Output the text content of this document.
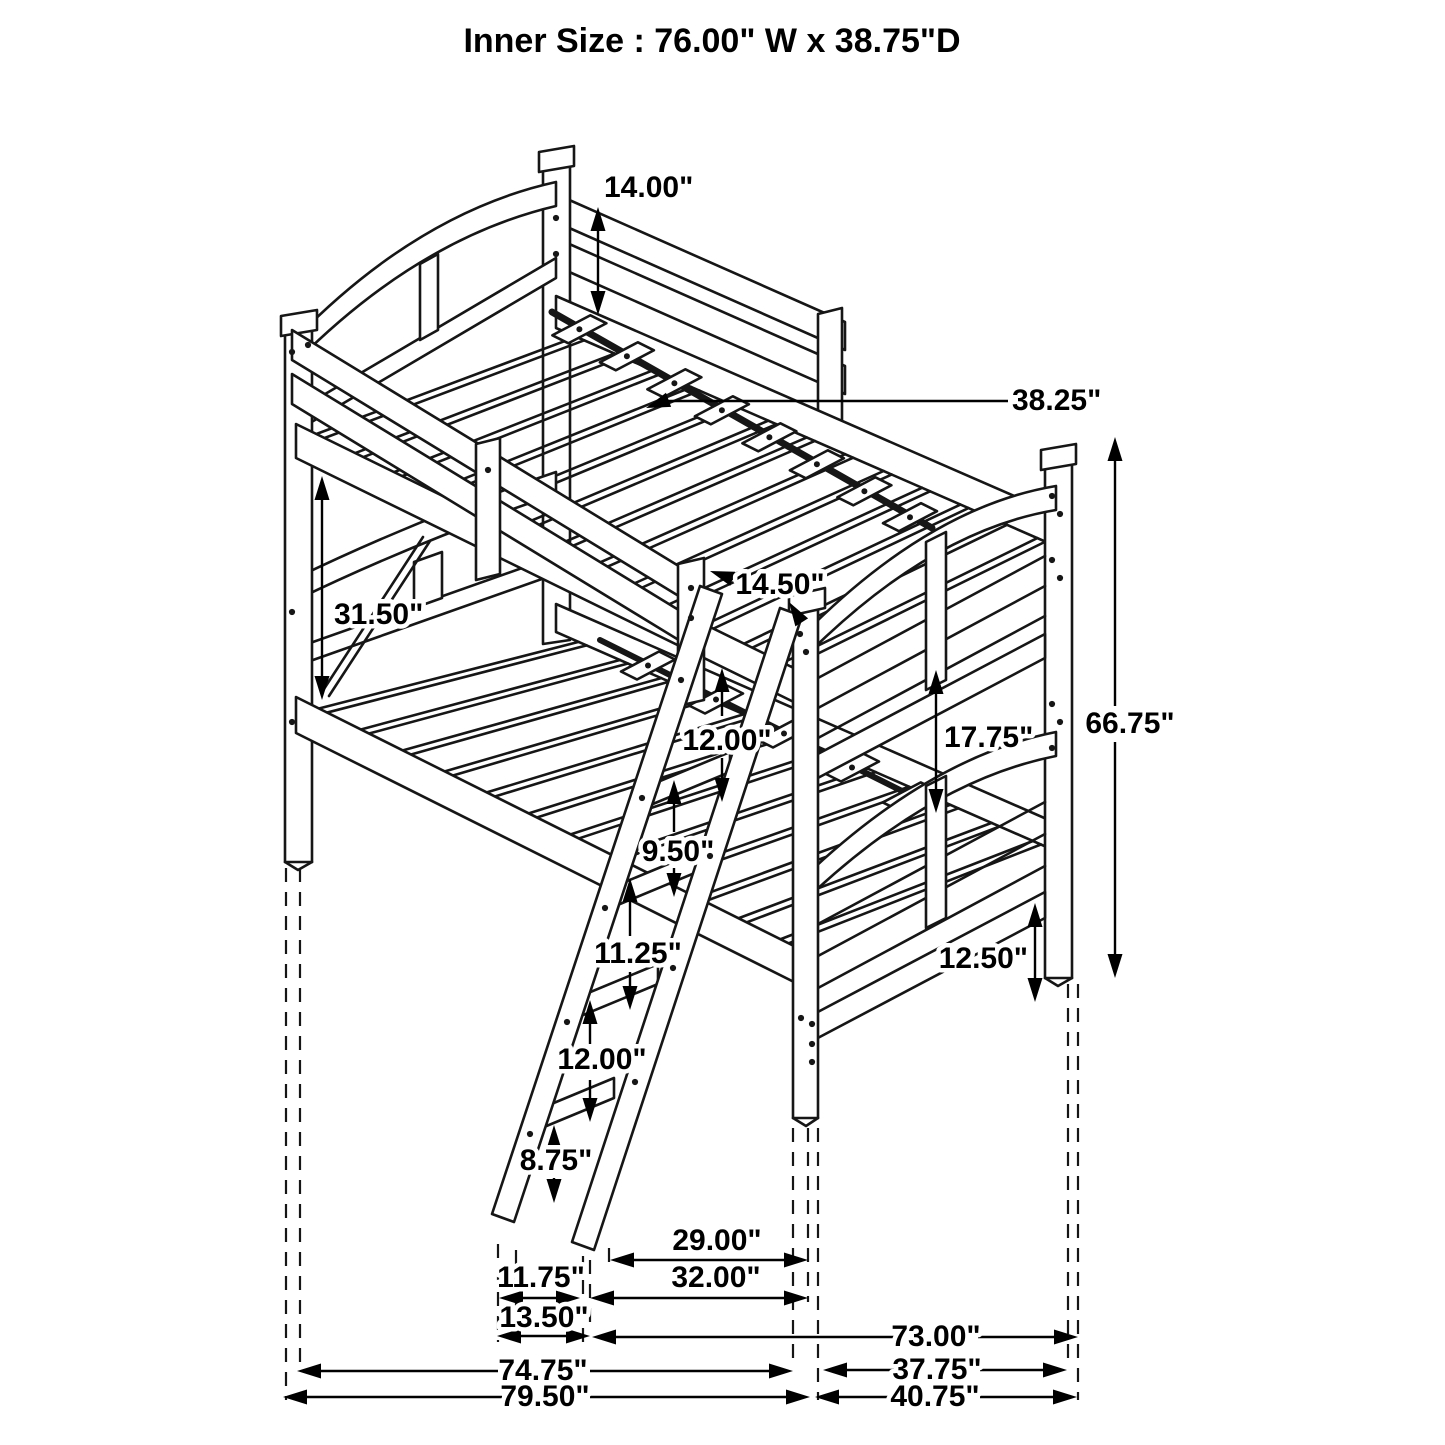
Inner Size : 76.00" W x 38.75"D
14.00"
38.25"
31.50"
14.50"
12.00"	17.75" 66.75"
9.50"
11.25"
12.00"
8.75"
12.50"
29.00"
11.75"	32.00"
13.50"
73.00"
74.75"	37.75"
79.50"	40.75"
